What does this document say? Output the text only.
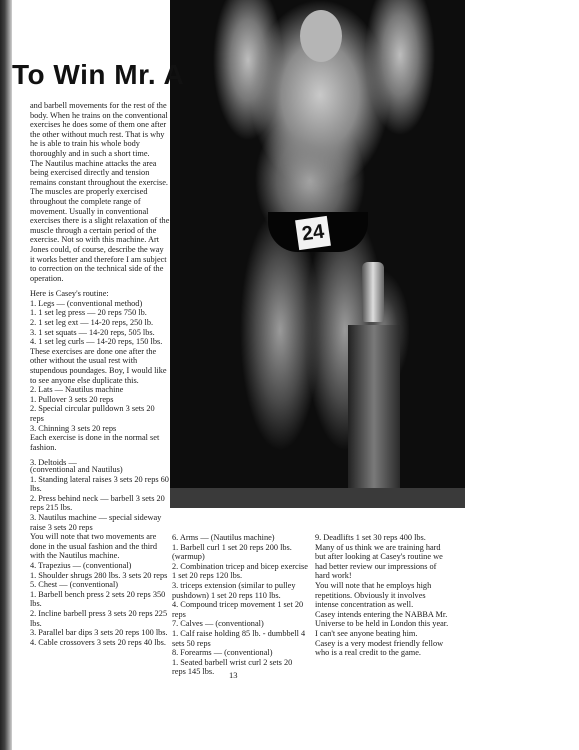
24
To Win Mr. A

and barbell movements for the rest of the body. When he trains on the conventional exercises he does some of them one after the other without much rest. That is why he is able to train his whole body thoroughly and in such a short time.

The Nautilus machine attacks the area being exercised directly and tension remains constant throughout the exercise. The muscles are properly exercised throughout the complete range of movement. Usually in conventional exercises there is a slight relaxation of the muscle through a certain period of the exercise. Not so with this machine. Art Jones could, of course, describe the way it works better and therefore I am subject to correction on the technical side of the operation.

Here is Casey's routine:

1. Legs — (conventional method)

1. 1 set leg press — 20 reps 750 lb.

2. 1 set leg ext — 14-20 reps, 250 lb.

3. 1 set squats — 14-20 reps, 505 lbs.

4. 1 set leg curls — 14-20 reps, 150 lbs.

These exercises are done one after the other without the usual rest with stupendous poundages. Boy, I would like to see anyone else duplicate this.

2. Lats — Nautilus machine

1. Pullover 3 sets 20 reps

2. Special circular pulldown 3 sets 20 reps

3. Chinning 3 sets 20 reps

Each exercise is done in the normal set fashion.

3. Deltoids —

(conventional and Nautilus)

1. Standing lateral raises 3 sets 20 reps 60 lbs.

2. Press behind neck — barbell 3 sets 20 reps 215 lbs.

3. Nautilus machine — special sideway raise 3 sets 20 reps

You will note that two movements are done in the usual fashion and the third with the Nautilus machine.

4. Trapezius — (conventional)

1. Shoulder shrugs 280 lbs. 3 sets 20 reps

5. Chest — (conventional)

1. Barbell bench press 2 sets 20 reps 350 lbs.

2. Incline barbell press 3 sets 20 reps 225 lbs.

3. Parallel bar dips 3 sets 20 reps 100 lbs.

4. Cable crossovers 3 sets 20 reps 40 lbs.

6. Arms — (Nautilus machine)

1. Barbell curl 1 set 20 reps 200 lbs. (warmup)

2. Combination tricep and bicep exercise 1 set 20 reps 120 lbs.

3. triceps extension (similar to pulley pushdown) 1 set 20 reps 110 lbs.

4. Compound tricep movement 1 set 20 reps

7. Calves — (conventional)

1. Calf raise holding 85 lb. - dumbbell 4 sets 50 reps

8. Forearms — (conventional)

1. Seated barbell wrist curl 2 sets 20 reps 145 lbs.

9. Deadlifts 1 set 30 reps 400 lbs.

Many of us think we are training hard but after looking at Casey's routine we had better review our impressions of hard work!

You will note that he employs high repetitions. Obviously it involves intense concentration as well.

Casey intends entering the NABBA Mr. Universe to be held in London this year. I can't see anyone beating him.

Casey is a very modest friendly fellow who is a real credit to the game.

13
